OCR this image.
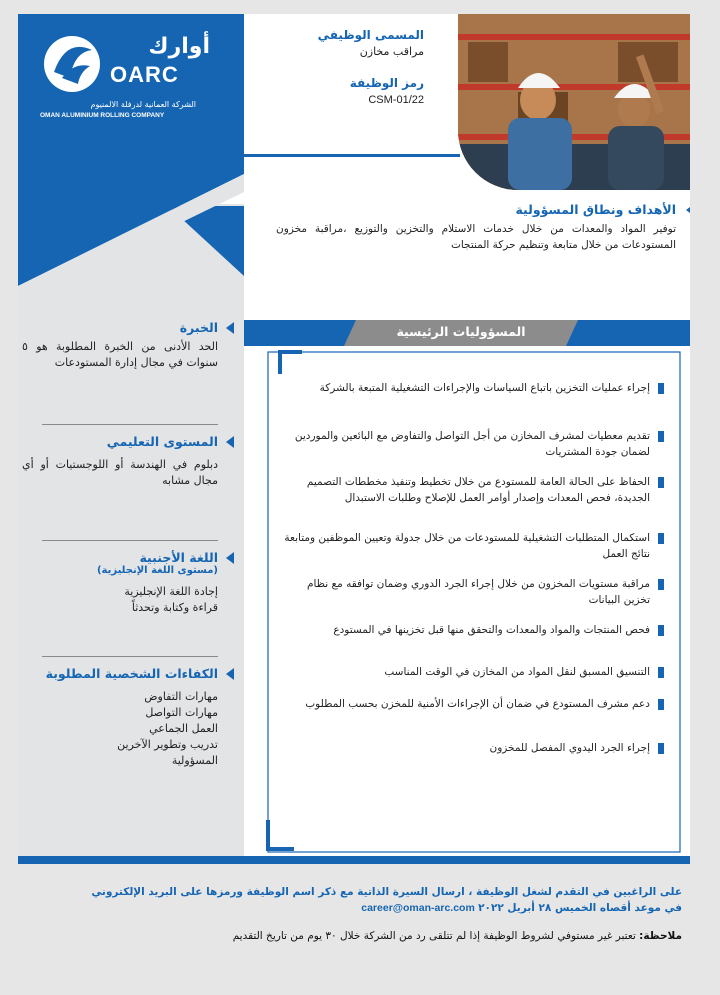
أوارك
OARC
الشركة العمانية لدرفلة الالمنيوم
OMAN ALUMINIUM ROLLING COMPANY
المسمى الوظيفي
مراقب مخازن
رمز الوظيفة
CSM-01/22
الأهداف ونطاق المسؤولية
توفير المواد والمعدات من خلال خدمات الاستلام والتخزين والتوزيع ،مراقبة مخزون المستودعات من خلال متابعة وتنظيم حركة المنتجات
المسؤوليات الرئيسية
إجراء عمليات التخزين باتباع السياسات والإجراءات التشغيلية المتبعة بالشركة
تقديم معطيات لمشرف المخازن من أجل التواصل والتفاوض مع البائعين والموردين لضمان جودة المشتريات
الحفاظ على الحالة العامة للمستودع من خلال تخطيط وتنفيذ مخططات التصميم الجديدة، فحص المعدات وإصدار أوامر العمل للإصلاح وطلبات الاستبدال
استكمال المتطلبات التشغيلية للمستودعات من خلال جدولة وتعيين الموظفين ومتابعة نتائج العمل
مراقبة مستويات المخزون من خلال إجراء الجرد الدوري وضمان توافقه مع نظام تخزين البيانات
فحص المنتجات والمواد والمعدات والتحقق منها قبل تخزينها في المستودع
التنسيق المسبق لنقل المواد من المخازن في الوقت المناسب
دعم مشرف المستودع في ضمان أن الإجراءات الأمنية للمخزن بحسب المطلوب
إجراء الجرد اليدوي المفصل للمخزون
الخبرة
الحد الأدنى من الخبرة المطلوبة هو ٥ سنوات في مجال إدارة المستودعات
المستوى التعليمي
دبلوم في الهندسة أو اللوجستيات أو أي مجال مشابه
اللغة الأجنبية
(مستوى اللغة الإنجليزية)
إجادة اللغة الإنجليزية
قراءة وكتابة وتحدثاً
الكفاءات الشخصية المطلوبة
مهارات التفاوض
مهارات التواصل
العمل الجماعي
تدريب وتطوير الآخرين
المسؤولية
على الراغبين في التقدم لشغل الوظيفة ، ارسال السيرة الذاتية مع ذكر اسم الوظيفة ورمزها على البريد الإلكتروني
في موعد أقصاه الخميس ٢٨ أبريل ٢٠٢٢ career@oman-arc.com
ملاحظة: تعتبر غير مستوفي لشروط الوظيفة إذا لم تتلقى رد من الشركة خلال ٣٠ يوم من تاريخ التقديم
